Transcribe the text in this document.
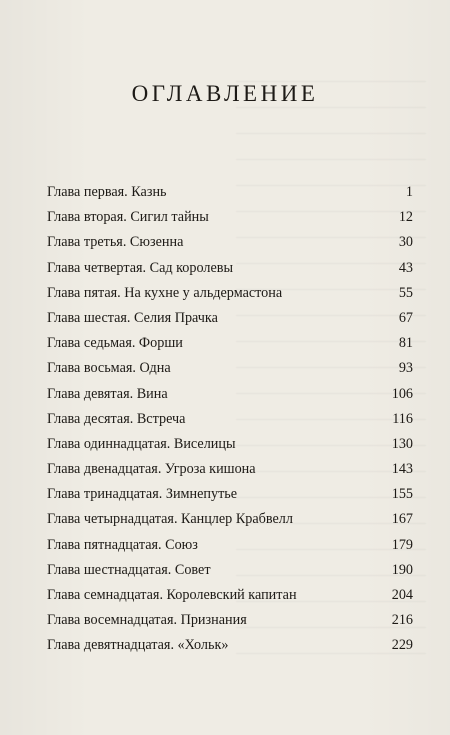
ОГЛАВЛЕНИЕ
Глава первая. Казнь	1
Глава вторая. Сигил тайны	12
Глава третья. Сюзенна	30
Глава четвертая. Сад королевы	43
Глава пятая. На кухне у альдермастона	55
Глава шестая. Селия Прачка	67
Глава седьмая. Форши	81
Глава восьмая. Одна	93
Глава девятая. Вина	106
Глава десятая. Встреча	116
Глава одиннадцатая. Виселицы	130
Глава двенадцатая. Угроза кишона	143
Глава тринадцатая. Зимнепутье	155
Глава четырнадцатая. Канцлер Крабвелл	167
Глава пятнадцатая. Союз	179
Глава шестнадцатая. Совет	190
Глава семнадцатая. Королевский капитан	204
Глава восемнадцатая. Признания	216
Глава девятнадцатая. «Хольк»	229
